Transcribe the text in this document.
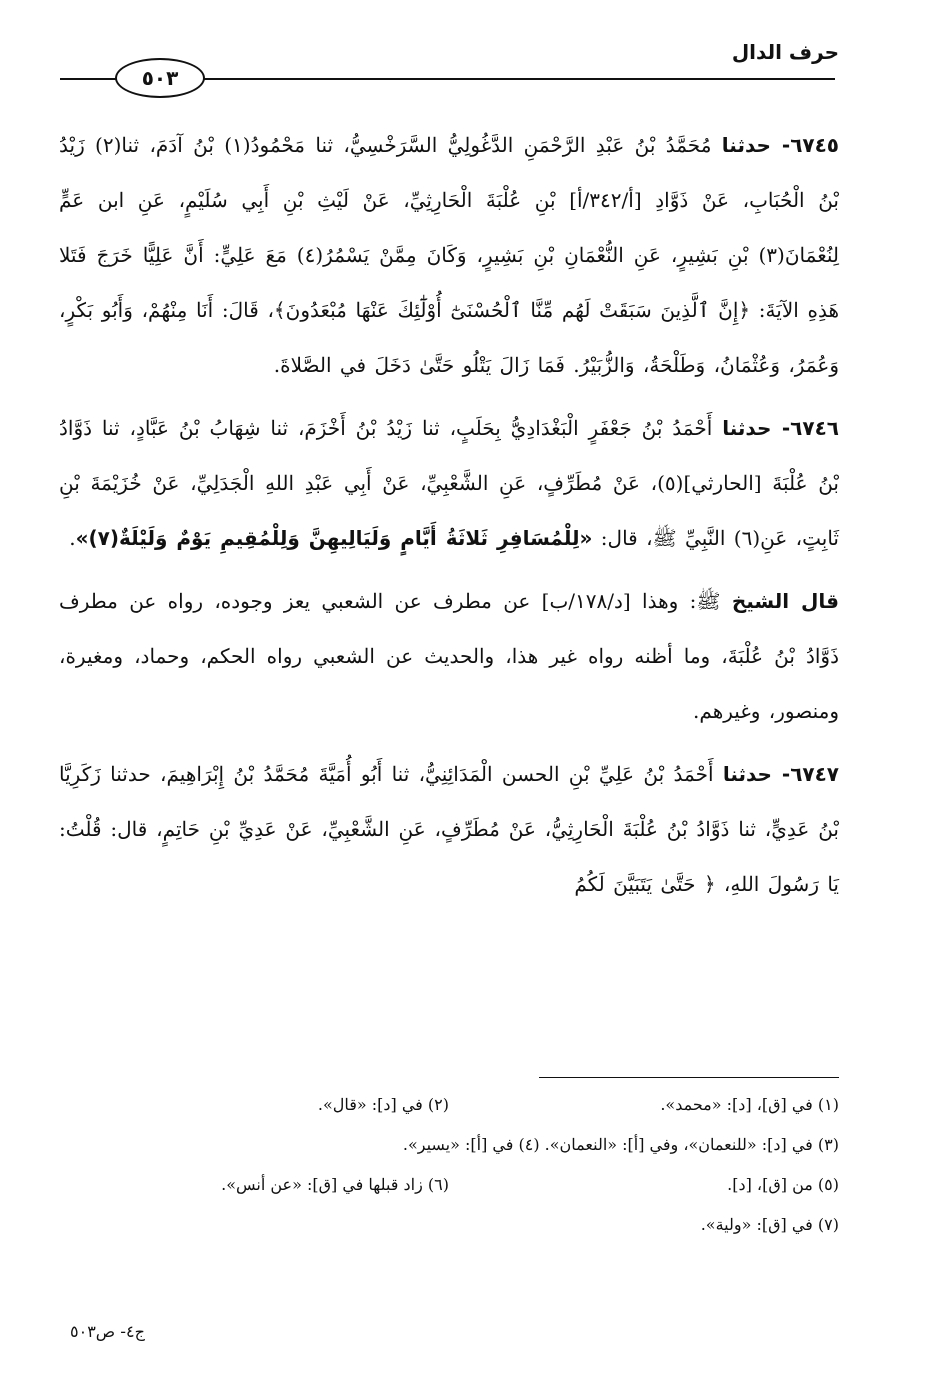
حرف الدال
٥٠٣

٦٧٤٥- حدثنا مُحَمَّدُ بْنُ عَبْدِ الرَّحْمَنِ الدَّغُولِيُّ السَّرَخْسِيُّ، ثنا مَحْمُودُ(١) بْنُ آدَمَ، ثنا(٢) زَيْدُ بْنُ الْحُبَابِ، عَنْ ذَوَّادِ [أ/٣٤٢/أ] بْنِ عُلْبَةَ الْحَارِثِيِّ، عَنْ لَيْثِ بْنِ أَبِي سُلَيْمٍ، عَنِ ابن عَمٍّ لِنُعْمَانَ(٣) بْنِ بَشِيرٍ، عَنِ النُّعْمَانِ بْنِ بَشِيرٍ، وَكَانَ مِمَّنْ يَسْمُرُ(٤) مَعَ عَلِيٍّ: أَنَّ عَلِيًّا خَرَجَ فَتَلا هَذِهِ الآيَةَ: ﴿إِنَّ ٱلَّذِينَ سَبَقَتْ لَهُم مِّنَّا ٱلْحُسْنَىٰٓ أُوْلَٰٓئِكَ عَنْهَا مُبْعَدُونَ﴾، قَالَ: أَنَا مِنْهُمْ، وَأَبُو بَكْرٍ، وَعُمَرُ، وَعُثْمَانُ، وَطَلْحَةُ، وَالزُّبَيْرُ. فَمَا زَالَ يَتْلُو حَتَّىٰ دَخَلَ في الصَّلاةَ.

٦٧٤٦- حدثنا أَحْمَدُ بْنُ جَعْفَرٍ الْبَغْدَادِيُّ بِحَلَبٍ، ثنا زَيْدُ بْنُ أَخْزَمَ، ثنا شِهَابُ بْنُ عَبَّادٍ، ثنا ذَوَّادُ بْنُ عُلْبَةَ [الحارثي](٥)، عَنْ مُطَرِّفٍ، عَنِ الشَّعْبِيِّ، عَنْ أَبِي عَبْدِ اللهِ الْجَدَلِيِّ، عَنْ خُزَيْمَةَ بْنِ ثَابِتٍ، عَنِ(٦) النَّبِيِّ ﷺ، قال: «لِلْمُسَافِرِ ثَلاثَةُ أَيَّامٍ وَلَيَالِيهِنَّ وَلِلْمُقِيمِ يَوْمٌ وَلَيْلَةٌ(٧)».

قال الشيخ ﷺ: وهذا [د/١٧٨/ب] عن مطرف عن الشعبي يعز وجوده، رواه عن مطرف ذَوَّادُ بْنُ عُلْبَةَ، وما أظنه رواه غير هذا، والحديث عن الشعبي رواه الحكم، وحماد، ومغيرة، ومنصور، وغيرهم.

٦٧٤٧- حدثنا أَحْمَدُ بْنُ عَلِيِّ بْنِ الحسن الْمَدَائِنِيُّ، ثنا أَبُو أُمَيَّةَ مُحَمَّدُ بْنُ إِبْرَاهِيمَ، حدثنا زَكَرِيَّا بْنُ عَدِيٍّ، ثنا ذَوَّادُ بْنُ عُلْبَةَ الْحَارِثِيُّ، عَنْ مُطَرِّفٍ، عَنِ الشَّعْبِيِّ، عَنْ عَدِيِّ بْنِ حَاتِمٍ، قال: قُلْتُ: يَا رَسُولَ اللهِ، ﴿ حَتَّىٰ يَتَبَيَّنَ لَكُمُ

(١) في [ق]، [د]: «محمد».
(٢) في [د]: «قال».
(٣) في [د]: «للنعمان»، وفي [أ]: «النعمان». (٤) في [أ]: «يسير».
(٥) من [ق]، [د].
(٦) زاد قبلها في [ق]: «عن أنس».
(٧) في [ق]: «ولية».
ج٤- ص٥٠٣
